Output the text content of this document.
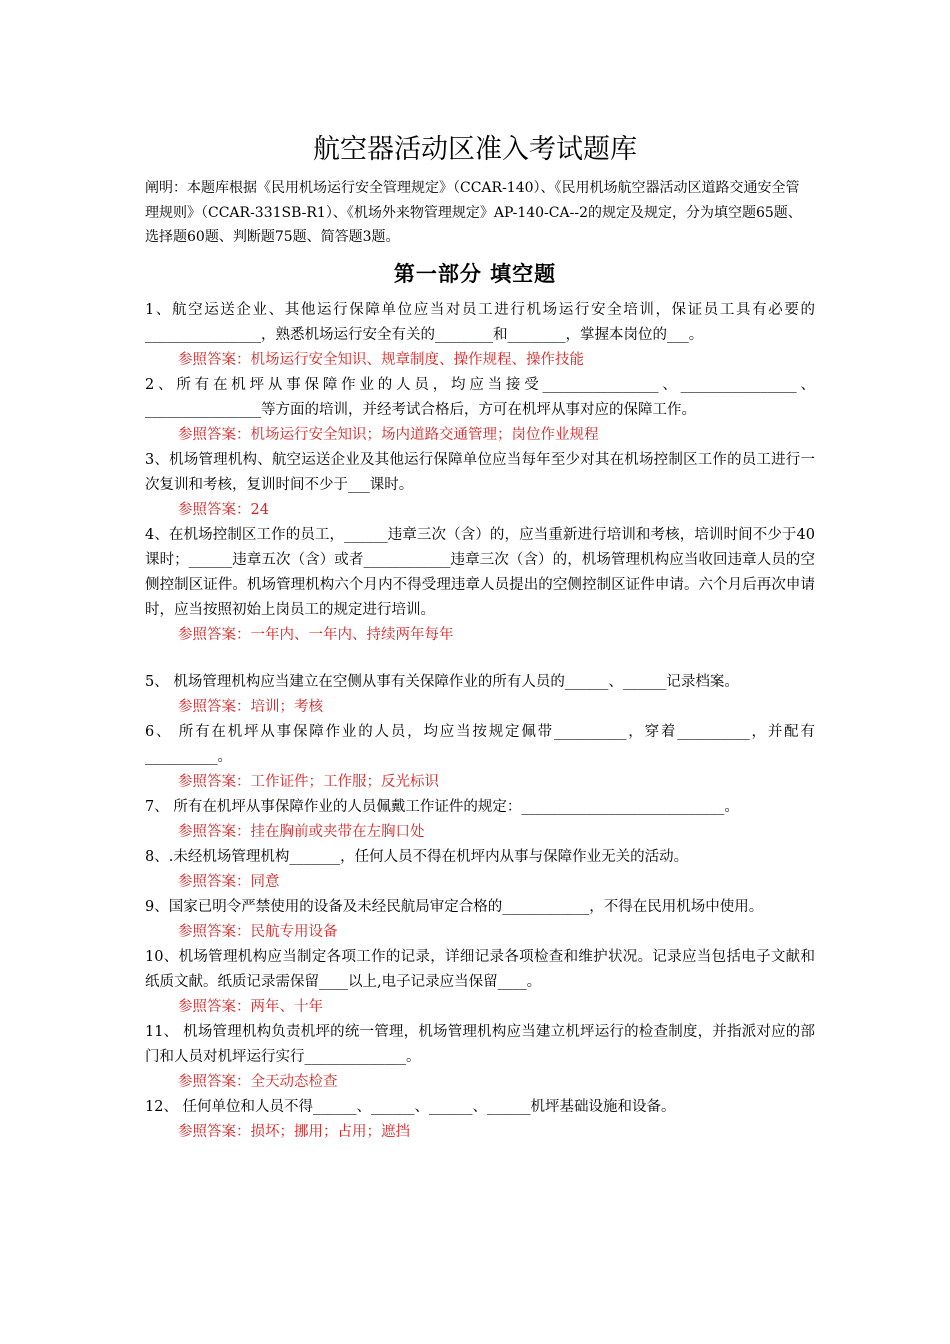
航空器活动区准入考试题库
阐明：本题库根据《民用机场运行安全管理规定》（CCAR-140）、《民用机场航空器活动区道路交通安全管理规则》（CCAR-331SB-R1）、《机场外来物管理规定》AP-140-CA--2的规定及规定，分为填空题65题、选择题60题、判断题75题、简答题3题。
第一部分 填空题
1、航空运送企业、其他运行保障单位应当对员工进行机场运行安全培训，保证员工具有必要的________________，熟悉机场运行安全有关的________和________，掌握本岗位的___。
参照答案：机场运行安全知识、规章制度、操作规程、操作技能
2、所有在机坪从事保障作业的人员，均应当接受________________、________________、________________等方面的培训，并经考试合格后，方可在机坪从事对应的保障工作。
参照答案：机场运行安全知识；场内道路交通管理；岗位作业规程
3、机场管理机构、航空运送企业及其他运行保障单位应当每年至少对其在机场控制区工作的员工进行一次复训和考核，复训时间不少于___课时。
参照答案：24
4、在机场控制区工作的员工，______违章三次（含）的，应当重新进行培训和考核，培训时间不少于40课时；______违章五次（含）或者____________违章三次（含）的，机场管理机构应当收回违章人员的空侧控制区证件。机场管理机构六个月内不得受理违章人员提出的空侧控制区证件申请。六个月后再次申请时，应当按照初始上岗员工的规定进行培训。
参照答案：一年内、一年内、持续两年每年
5、 机场管理机构应当建立在空侧从事有关保障作业的所有人员的______、______记录档案。
参照答案：培训；考核
6、 所有在机坪从事保障作业的人员，均应当按规定佩带__________，穿着__________，并配有__________。
参照答案：工作证件；工作服；反光标识
7、 所有在机坪从事保障作业的人员佩戴工作证件的规定：____________________________。
参照答案：挂在胸前或夹带在左胸口处
8、.未经机场管理机构_______，任何人员不得在机坪内从事与保障作业无关的活动。
参照答案：同意
9、国家已明令严禁使用的设备及未经民航局审定合格的____________，不得在民用机场中使用。
参照答案：民航专用设备
10、机场管理机构应当制定各项工作的记录，详细记录各项检查和维护状况。记录应当包括电子文献和纸质文献。纸质记录需保留____以上,电子记录应当保留____。
参照答案：两年、十年
11、 机场管理机构负责机坪的统一管理，机场管理机构应当建立机坪运行的检查制度，并指派对应的部门和人员对机坪运行实行______________。
参照答案：全天动态检查
12、 任何单位和人员不得______、______、______、______机坪基础设施和设备。
参照答案：损坏；挪用；占用；遮挡
